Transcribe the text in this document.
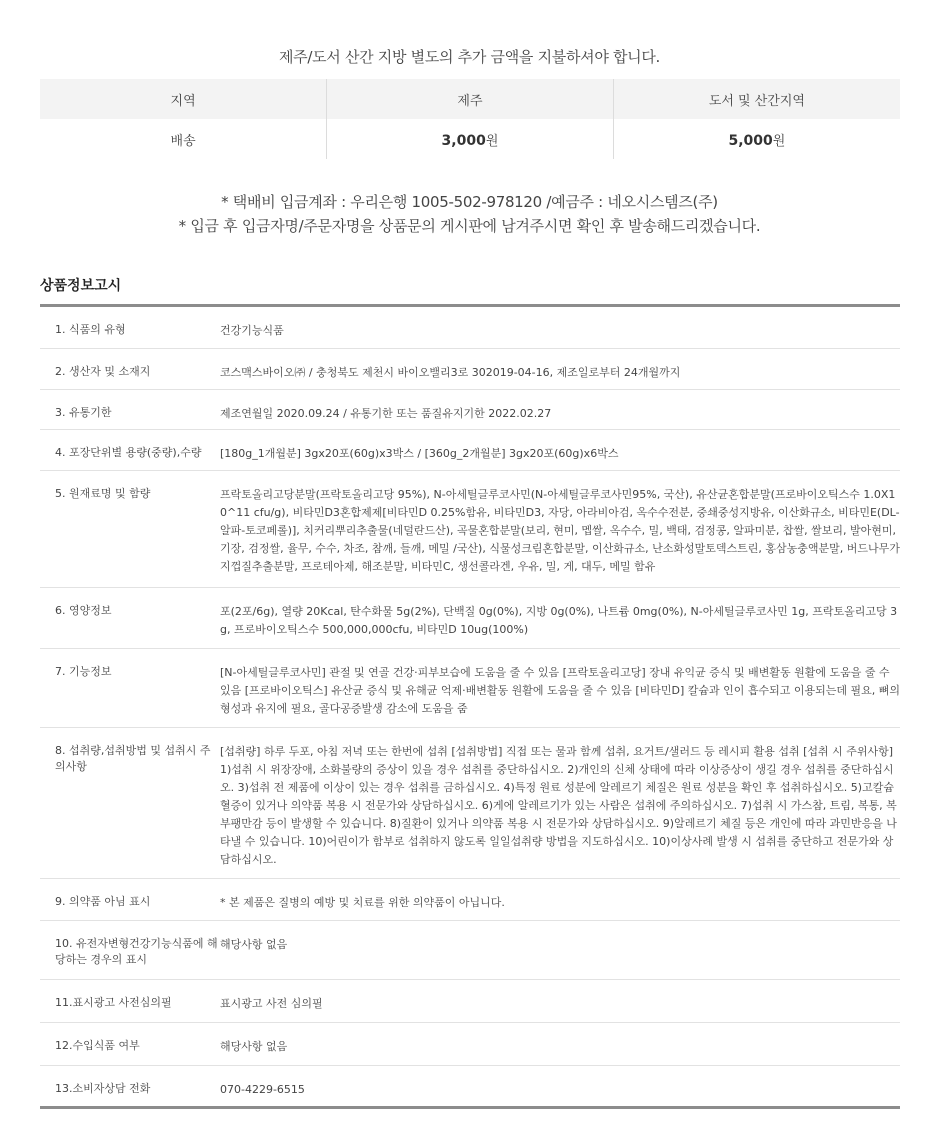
제주/도서 산간 지방 별도의 추가 금액을 지불하셔야 합니다.
지역	제주	도서 및 산간지역
배송	3,000원	5,000원
* 택배비 입금계좌 : 우리은행 1005-502-978120 /예금주 : 네오시스템즈(주)
* 입금 후 입금자명/주문자명을 상품문의 게시판에 남겨주시면 확인 후 발송해드리겠습니다.
상품정보고시
1. 식품의 유형	건강기능식품
2. 생산자 및 소재지	코스맥스바이오㈜ / 충청북도 제천시 바이오밸리3로 302019-04-16, 제조일로부터 24개월까지
3. 유통기한	제조연월일 2020.09.24 / 유통기한 또는 품질유지기한 2022.02.27
4. 포장단위별 용량(중량),수량	[180g_1개월분] 3gx20포(60g)x3박스 / [360g_2개월분] 3gx20포(60g)x6박스
5. 원재료명 및 함량	프락토올리고당분말(프락토올리고당 95%), N-아세틸글루코사민(N-아세틸글루코사민95%, 국산), 유산균혼합분말(프로바이오틱스수 1.0X10^11 cfu/g), 비타민D3혼합제제[비타민D 0.25%함유, 비타민D3, 자당, 아라비아검, 옥수수전분, 중쇄중성지방유, 이산화규소, 비타민E(DL-알파-토코페롤)], 치커리뿌리추출물(네덜란드산), 곡물혼합분말(보리, 현미, 멥쌀, 옥수수, 밀, 백태, 검정콩, 알파미분, 찹쌀, 쌀보리, 발아현미, 기장, 검정쌀, 율무, 수수, 차조, 참깨, 들깨, 메밀 /국산), 식물성크림혼합분말, 이산화규소, 난소화성말토덱스트린, 홍삼농충액분말, 버드나무가지껍질추출분말, 프로테아제, 해조분말, 비타민C, 생선콜라겐, 우유, 밀, 게, 대두, 메밀 함유
6. 영양정보	포(2포/6g), 열량 20Kcal, 탄수화물 5g(2%), 단백질 0g(0%), 지방 0g(0%), 나트륨 0mg(0%), N-아세틸글루코사민 1g, 프락토올리고당 3g, 프로바이오틱스수 500,000,000cfu, 비타민D 10ug(100%)
7. 기능정보	[N-아세틸글루코사민] 관절 및 연골 건강·피부보습에 도움을 줄 수 있음 [프락토올리고당] 장내 유익균 증식 및 배변활동 원활에 도움을 줄 수 있음 [프로바이오틱스] 유산균 증식 및 유해균 억제·배변활동 원활에 도움을 줄 수 있음 [비타민D] 칼슘과 인이 흡수되고 이용되는데 필요, 뼈의 형성과 유지에 필요, 골다공증발생 감소에 도움을 줌
8. 섭취량,섭취방법 및 섭취시 주의사항	[섭취량] 하루 두포, 아침 저녁 또는 한번에 섭취 [섭취방법] 직접 또는 물과 함께 섭취, 요거트/샐러드 등 레시피 활용 섭취 [섭취 시 주위사항] 1)섭취 시 위장장애, 소화불량의 증상이 있을 경우 섭취를 중단하십시오. 2)개인의 신체 상태에 따라 이상증상이 생길 경우 섭취를 중단하십시오. 3)섭취 전 제품에 이상이 있는 경우 섭취를 금하십시오. 4)특정 원료 성분에 알레르기 체질은 원료 성분을 확인 후 섭취하십시오. 5)고칼슘혈증이 있거나 의약품 복용 시 전문가와 상담하십시오. 6)게에 알레르기가 있는 사람은 섭취에 주의하십시오. 7)섭취 시 가스참, 트림, 복통, 복부팽만감 등이 발생할 수 있습니다. 8)질환이 있거나 의약품 복용 시 전문가와 상담하십시오. 9)알레르기 체질 등은 개인에 따라 과민반응을 나타낼 수 있습니다. 10)어린이가 함부로 섭취하지 않도록 일일섭취량 방법을 지도하십시오. 10)이상사례 발생 시 섭취를 중단하고 전문가와 상담하십시오.
9. 의약품 아님 표시	* 본 제품은 질병의 예방 및 치료를 위한 의약품이 아닙니다.
10. 유전자변형건강기능식품에 해당하는 경우의 표시	해당사항 없음
11.표시광고 사전심의필	표시광고 사전 심의필
12.수입식품 여부	해당사항 없음
13.소비자상담 전화	070-4229-6515
